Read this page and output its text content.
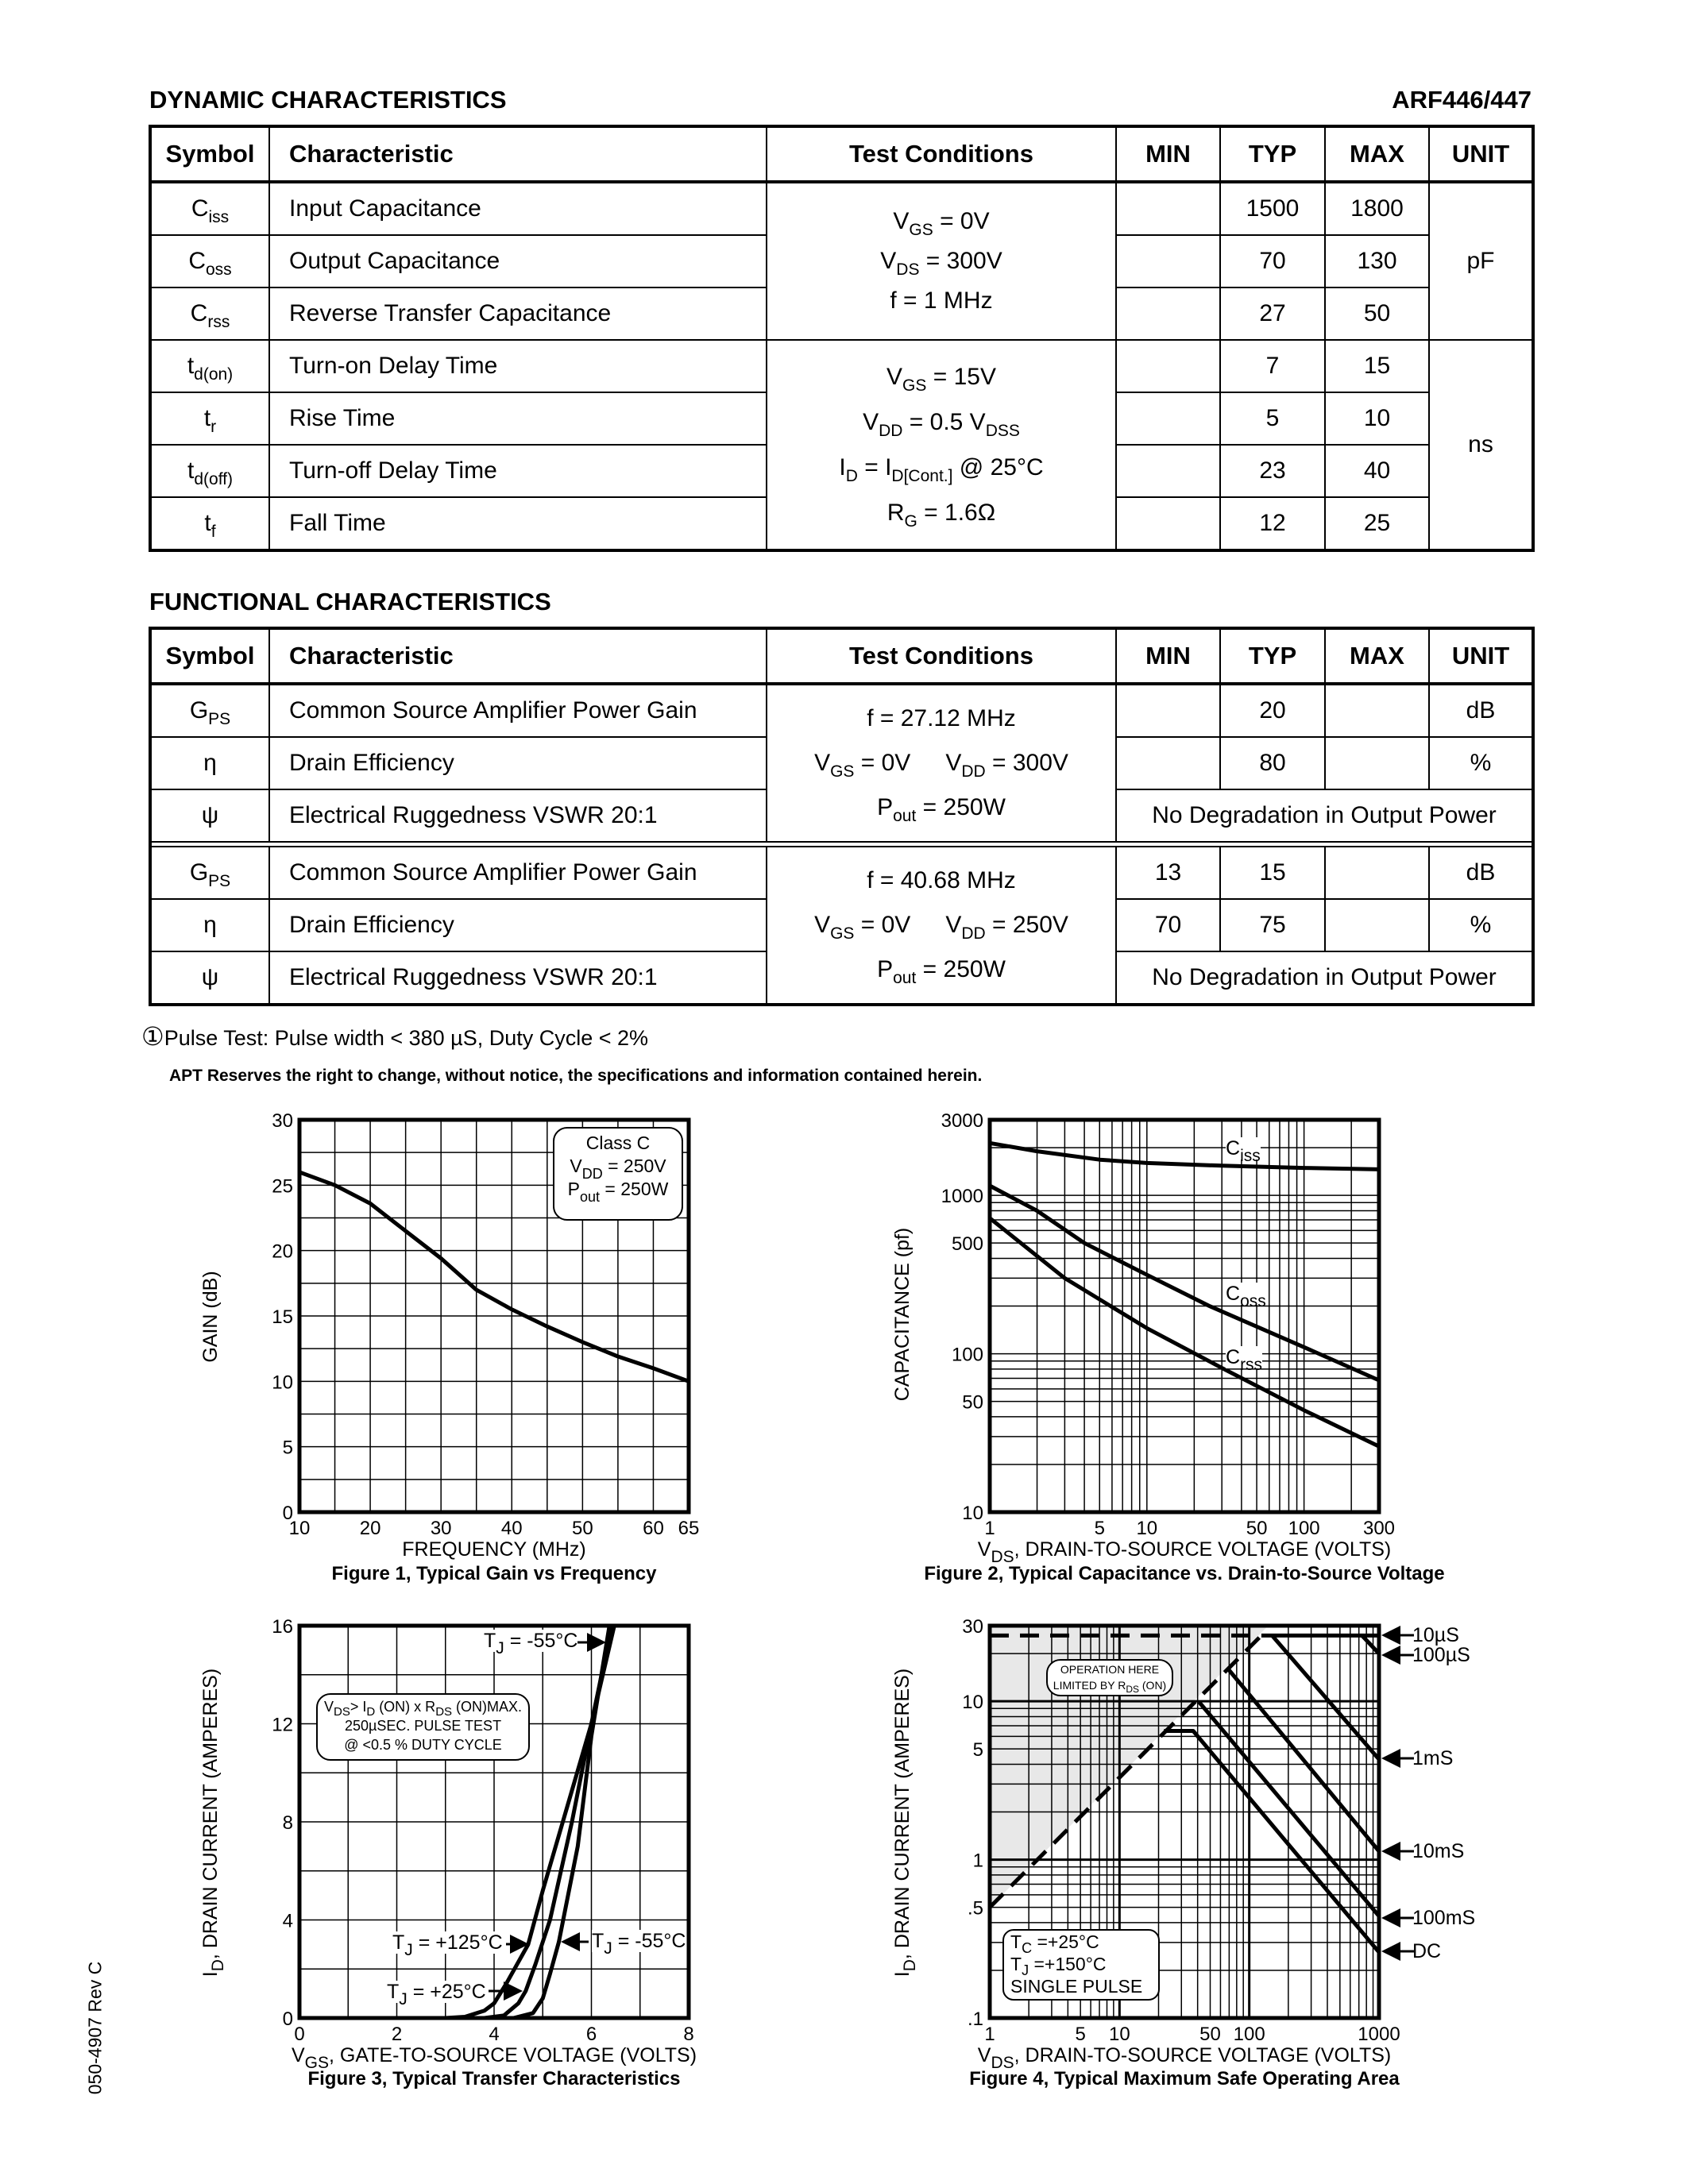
DYNAMIC CHARACTERISTICS	ARF446/447
Symbol	Characteristic	Test Conditions	MIN	TYP	MAX	UNIT
$C_{iss}$	Input Capacitance	$V_{GS} = 0V$
$V_{DS} = 300V$
f = 1 MHz		1500	1800	pF
$C_{oss}$	Output Capacitance			70	130	
$C_{rss}$	Reverse Transfer Capacitance			27	50	
$t_{d(on)}$	Turn-on Delay Time	$V_{GS} = 15V$
$V_{DD} = 0.5$ $V_{DSS}$
$I_D = I_{D[Cont.]}$ @ 25°C
$R_G = 1.6\Omega$		7	15	ns
$t_r$	Rise Time			5	10	
$t_{d(off)}$	Turn-off Delay Time			23	40	
$t_f$	Fall Time			12	25	
FUNCTIONAL CHARACTERISTICS
Symbol	Characteristic	Test Conditions	MIN	TYP	MAX	UNIT
$G_{PS}$	Common Source Amplifier Power Gain	f = 27.12 MHz
$V_{GS} = 0V$ $V_{DD} = 300V$
$P_{out} = 250W$		20		dB
η	Drain Efficiency			80		%
ψ	Electrical Ruggedness VSWR 20:1		No Degradation in Output Power			

$G_{PS}$	Common Source Amplifier Power Gain	f = 40.68 MHz
$V_{GS} = 0V$ $V_{DD} = 250V$
$P_{out} = 250W$	13	15		dB
η	Drain Efficiency		70	75		%
ψ	Electrical Ruggedness VSWR 20:1		No Degradation in Output Power			
①Pulse Test: Pulse width < 380 µS, Duty Cycle < 2%
APT Reserves the right to change, without notice, the specifications and information contained herein.
050-4907 Rev C
10	20	30	40	50	60 65
0
5
10
15
20
25
30
GAIN (dB)
FREQUENCY (MHz)
Figure 1, Typical Gain vs Frequency
Class C
$V_{DD} = 250V$
$P_{out} = 250W$
1	5 10	50 100 300
10
50
100
500
1000
3000
CAPACITANCE (pf)
$V_{DS}$, DRAIN-TO-SOURCE VOLTAGE (VOLTS)
Figure 2, Typical Capacitance vs. Drain-to-Source Voltage
$C_{iss}$
$C_{oss}$
$C_{rss}$
0	2	4	6	8
0
4
8
12
16
$I_D$, DRAIN CURRENT (AMPERES)
$V_{GS}$, GATE-TO-SOURCE VOLTAGE (VOLTS)
Figure 3, Typical Transfer Characteristics
$T_J = -55^\circ C$
$T_J = +125^\circ C$	$T_J = -55^\circ C$
$T_J = +25^\circ C$
$V_{DS}> I_D$ (ON) x $R_{DS}$ (ON)MAX.
250µSEC. PULSE TEST
@ <0.5 % DUTY CYCLE
1	5 10	50 100	1000
.1
.5
1
5
10
30
$I_D$, DRAIN CURRENT (AMPERES)
$V_{DS}$, DRAIN-TO-SOURCE VOLTAGE (VOLTS)
Figure 4, Typical Maximum Safe Operating Area
10µS
100µS
1mS
10mS
100mS
DC
OPERATION HERE
LIMITED BY RDS (ON)
$T_C =+25^\circ C$
$T_J =+150^\circ C$
SINGLE PULSE
